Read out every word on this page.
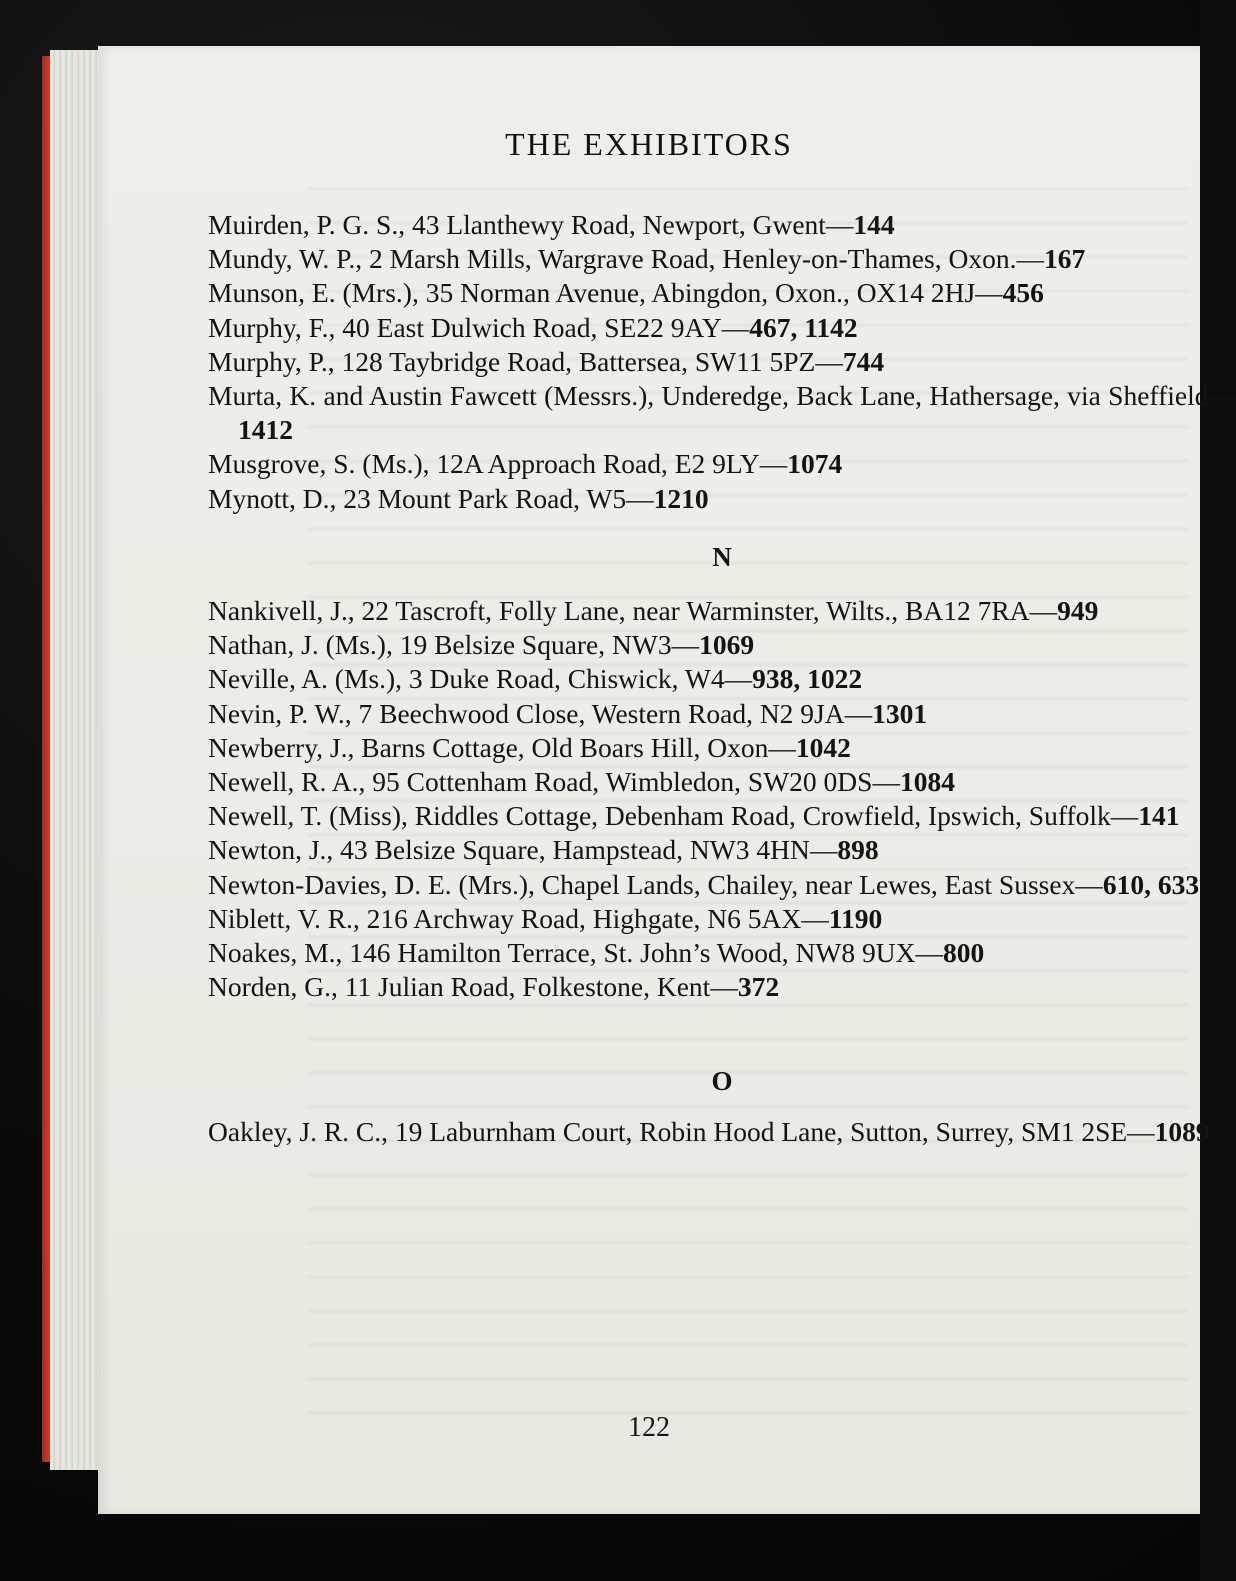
THE EXHIBITORS
Muirden, P. G. S., 43 Llanthewy Road, Newport, Gwent—144
Mundy, W. P., 2 Marsh Mills, Wargrave Road, Henley-on-Thames, Oxon.—167
Munson, E. (Mrs.), 35 Norman Avenue, Abingdon, Oxon., OX14 2HJ—456
Murphy, F., 40 East Dulwich Road, SE22 9AY—467, 1142
Murphy, P., 128 Taybridge Road, Battersea, SW11 5PZ—744
Murta, K. and Austin Fawcett (Messrs.), Underedge, Back Lane, Hathersage, via Sheffield—1412
Musgrove, S. (Ms.), 12A Approach Road, E2 9LY—1074
Mynott, D., 23 Mount Park Road, W5—1210
N
Nankivell, J., 22 Tascroft, Folly Lane, near Warminster, Wilts., BA12 7RA—949
Nathan, J. (Ms.), 19 Belsize Square, NW3—1069
Neville, A. (Ms.), 3 Duke Road, Chiswick, W4—938, 1022
Nevin, P. W., 7 Beechwood Close, Western Road, N2 9JA—1301
Newberry, J., Barns Cottage, Old Boars Hill, Oxon—1042
Newell, R. A., 95 Cottenham Road, Wimbledon, SW20 0DS—1084
Newell, T. (Miss), Riddles Cottage, Debenham Road, Crowfield, Ipswich, Suffolk—141
Newton, J., 43 Belsize Square, Hampstead, NW3 4HN—898
Newton-Davies, D. E. (Mrs.), Chapel Lands, Chailey, near Lewes, East Sussex—610, 633
Niblett, V. R., 216 Archway Road, Highgate, N6 5AX—1190
Noakes, M., 146 Hamilton Terrace, St. John’s Wood, NW8 9UX—800
Norden, G., 11 Julian Road, Folkestone, Kent—372
O
Oakley, J. R. C., 19 Laburnham Court, Robin Hood Lane, Sutton, Surrey, SM1 2SE—1089
122
